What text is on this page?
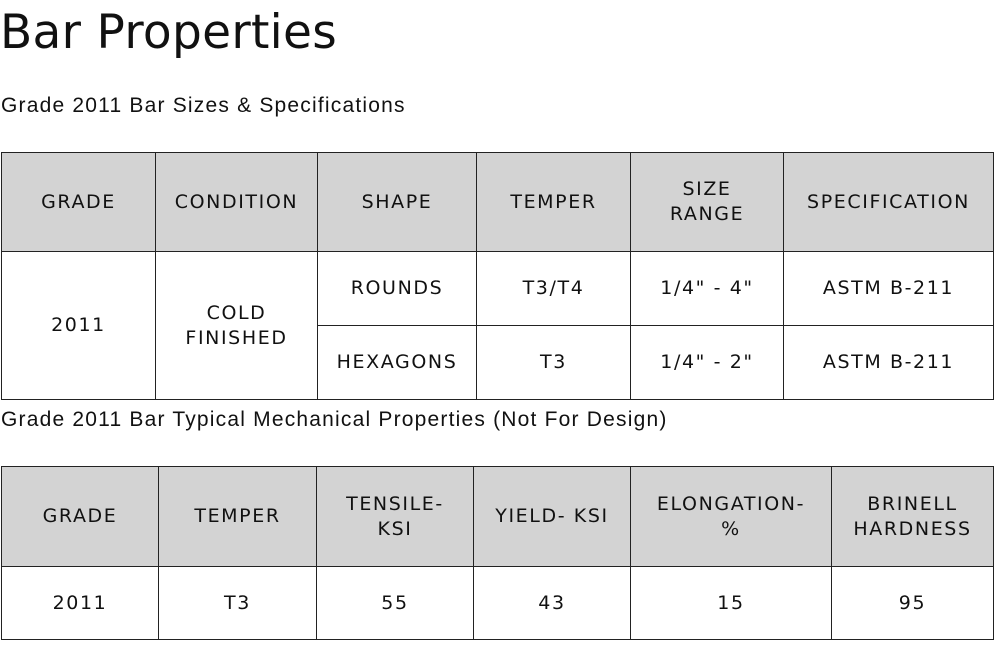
Bar Properties

Grade 2011 Bar Sizes & Specifications

GRADE	CONDITION	SHAPE	TEMPER	SIZE RANGE	SPECIFICATION
2011	COLD FINISHED	ROUNDS	T3/T4	1/4" - 4"	ASTM B-211
		HEXAGONS	T3	1/4" - 2"	ASTM B-211

Grade 2011 Bar Typical Mechanical Properties (Not For Design)

GRADE	TEMPER	TENSILE- KSI	YIELD- KSI	ELONGATION- %	BRINELL HARDNESS
2011	T3	55	43	15	95
